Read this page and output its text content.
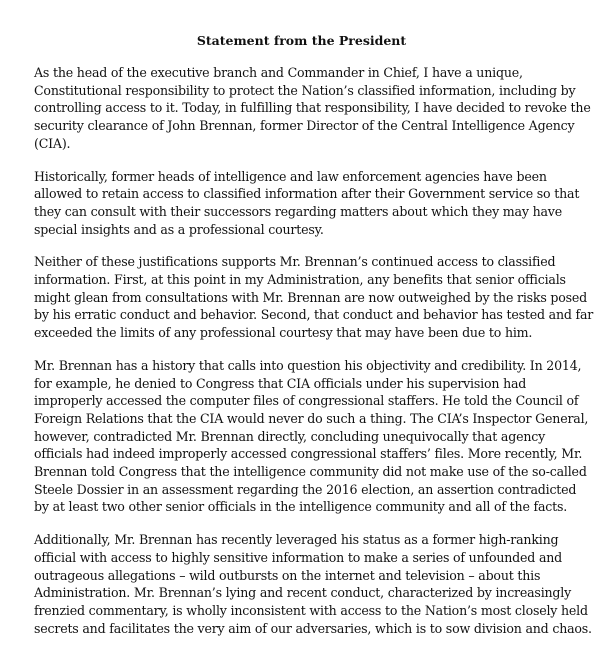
Statement from the President

As the head of the executive branch and Commander in Chief, I have a unique, Constitutional responsibility to protect the Nation’s classified information, including by controlling access to it. Today, in fulfilling that responsibility, I have decided to revoke the security clearance of John Brennan, former Director of the Central Intelligence Agency (CIA).

Historically, former heads of intelligence and law enforcement agencies have been allowed to retain access to classified information after their Government service so that they can consult with their successors regarding matters about which they may have special insights and as a professional courtesy.

Neither of these justifications supports Mr. Brennan’s continued access to classified information. First, at this point in my Administration, any benefits that senior officials might glean from consultations with Mr. Brennan are now outweighed by the risks posed by his erratic conduct and behavior. Second, that conduct and behavior has tested and far exceeded the limits of any professional courtesy that may have been due to him.

Mr. Brennan has a history that calls into question his objectivity and credibility. In 2014, for example, he denied to Congress that CIA officials under his supervision had improperly accessed the computer files of congressional staffers. He told the Council of Foreign Relations that the CIA would never do such a thing. The CIA’s Inspector General, however, contradicted Mr. Brennan directly, concluding unequivocally that agency officials had indeed improperly accessed congressional staffers’ files. More recently, Mr. Brennan told Congress that the intelligence community did not make use of the so-called Steele Dossier in an assessment regarding the 2016 election, an assertion contradicted by at least two other senior officials in the intelligence community and all of the facts.

Additionally, Mr. Brennan has recently leveraged his status as a former high-ranking official with access to highly sensitive information to make a series of unfounded and outrageous allegations – wild outbursts on the internet and television – about this Administration. Mr. Brennan’s lying and recent conduct, characterized by increasingly frenzied commentary, is wholly inconsistent with access to the Nation’s most closely held secrets and facilitates the very aim of our adversaries, which is to sow division and chaos.
